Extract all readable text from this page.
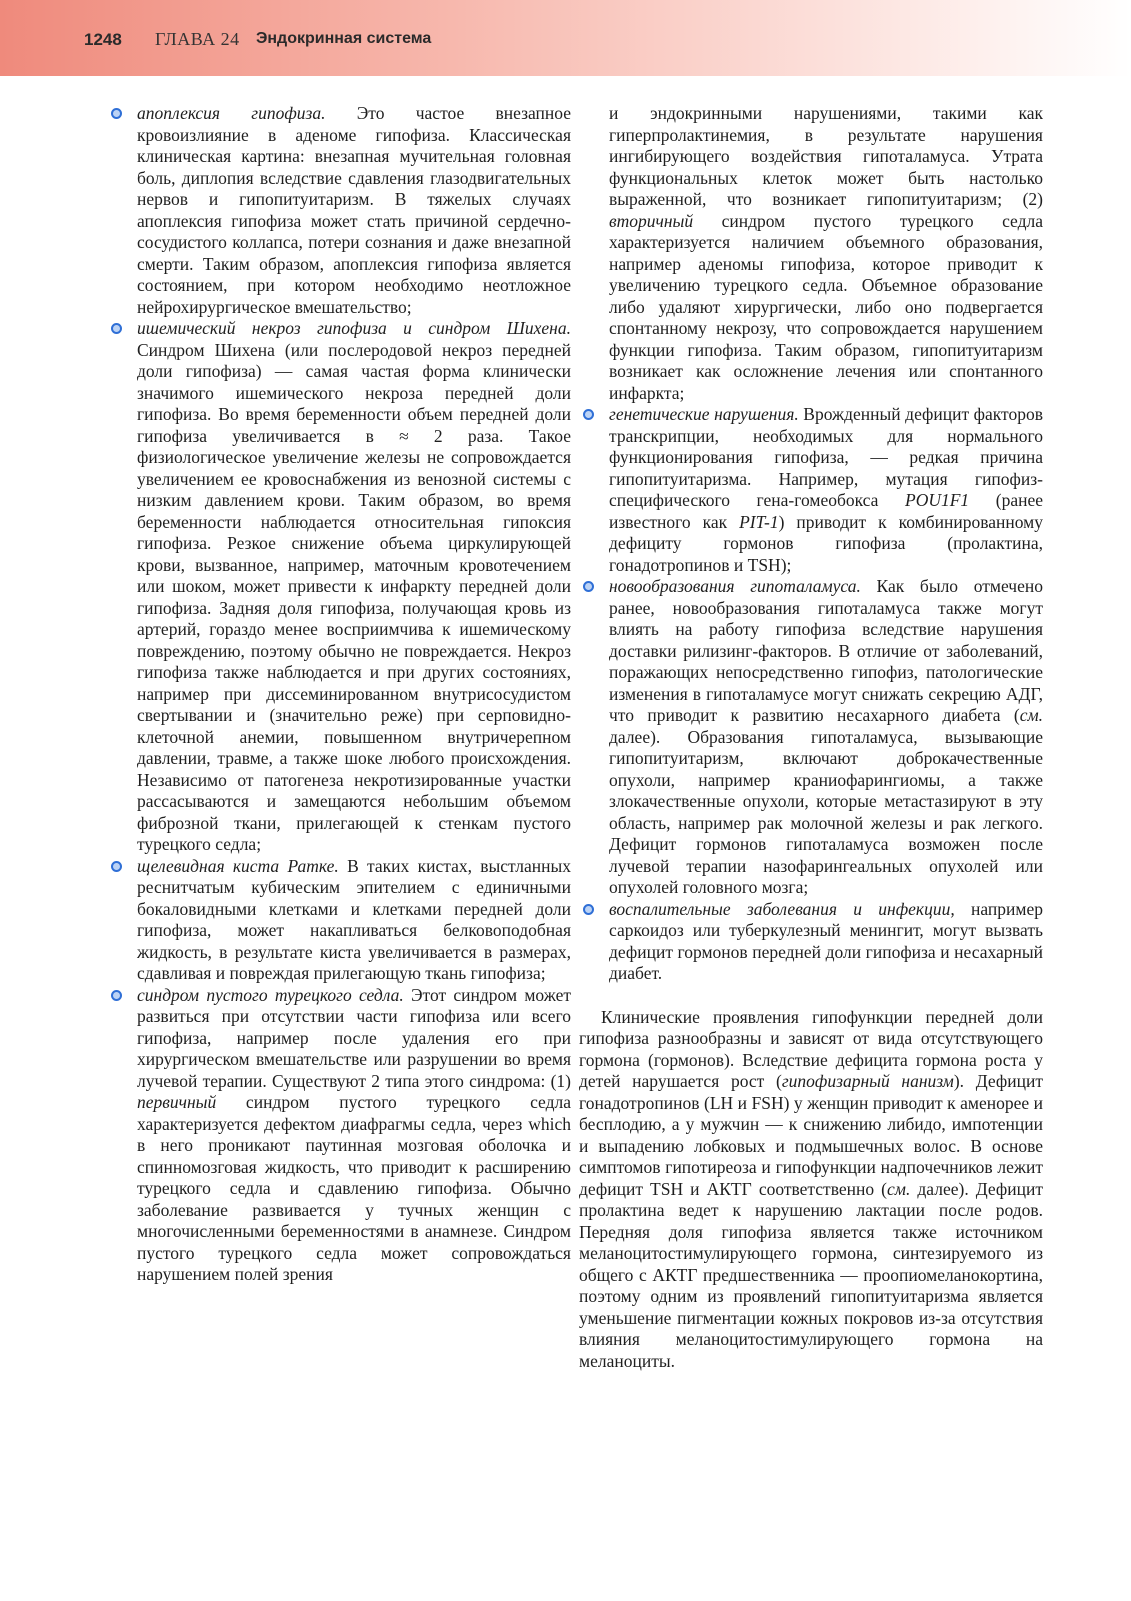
1248 ГЛАВА 24 Эндокринная система

апоплексия гипофиза. Это частое внезапное кровоизлияние в аденоме гипофиза. Классическая клиническая картина: внезапная мучительная головная боль, диплопия вследствие сдавления глазодвигательных нервов и гипопитуитаризм. В тяжелых случаях апоплексия гипофиза может стать причиной сердечно-сосудистого коллапса, потери сознания и даже внезапной смерти. Таким образом, апоплексия гипофиза является состоянием, при котором необходимо неотложное нейрохирургическое вмешательство;

ишемический некроз гипофиза и синдром Шихена. Синдром Шихена (или послеродовой некроз передней доли гипофиза) — самая частая форма клинически значимого ишемического некроза передней доли гипофиза. Во время беременности объем передней доли гипофиза увеличивается в ≈ 2 раза. Такое физиологическое увеличение железы не сопровождается увеличением ее кровоснабжения из венозной системы с низким давлением крови. Таким образом, во время беременности наблюдается относительная гипоксия гипофиза. Резкое снижение объема циркулирующей крови, вызванное, например, маточным кровотечением или шоком, может привести к инфаркту передней доли гипофиза. Задняя доля гипофиза, получающая кровь из артерий, гораздо менее восприимчива к ишемическому повреждению, поэтому обычно не повреждается. Некроз гипофиза также наблюдается и при других состояниях, например при диссеминированном внутрисосудистом свертывании и (значительно реже) при серповидно-клеточной анемии, повышенном внутричерепном давлении, травме, а также шоке любого происхождения. Независимо от патогенеза некротизированные участки рассасываются и замещаются небольшим объемом фиброзной ткани, прилегающей к стенкам пустого турецкого седла;

щелевидная киста Ратке. В таких кистах, выстланных реснитчатым кубическим эпителием с единичными бокаловидными клетками и клетками передней доли гипофиза, может накапливаться белковоподобная жидкость, в результате киста увеличивается в размерах, сдавливая и повреждая прилегающую ткань гипофиза;

синдром пустого турецкого седла. Этот синдром может развиться при отсутствии части гипофиза или всего гипофиза, например после удаления его при хирургическом вмешательстве или разрушении во время лучевой терапии. Существуют 2 типа этого синдрома: (1) первичный синдром пустого турецкого седла характеризуется дефектом диафрагмы седла, через which в него проникают паутинная мозговая оболочка и спинномозговая жидкость, что приводит к расширению турецкого седла и сдавлению гипофиза. Обычно заболевание развивается у тучных женщин с многочисленными беременностями в анамнезе. Синдром пустого турецкого седла может сопровождаться нарушением полей зрения

и эндокринными нарушениями, такими как гиперпролактинемия, в результате нарушения ингибирующего воздействия гипоталамуса. Утрата функциональных клеток может быть настолько выраженной, что возникает гипопитуитаризм; (2) вторичный синдром пустого турецкого седла характеризуется наличием объемного образования, например аденомы гипофиза, которое приводит к увеличению турецкого седла. Объемное образование либо удаляют хирургически, либо оно подвергается спонтанному некрозу, что сопровождается нарушением функции гипофиза. Таким образом, гипопитуитаризм возникает как осложнение лечения или спонтанного инфаркта;

генетические нарушения. Врожденный дефицит факторов транскрипции, необходимых для нормального функционирования гипофиза, — редкая причина гипопитуитаризма. Например, мутация гипофиз-специфического гена-гомеобокса POU1F1 (ранее известного как PIT-1) приводит к комбинированному дефициту гормонов гипофиза (пролактина, гонадотропинов и TSH);

новообразования гипоталамуса. Как было отмечено ранее, новообразования гипоталамуса также могут влиять на работу гипофиза вследствие нарушения доставки рилизинг-факторов. В отличие от заболеваний, поражающих непосредственно гипофиз, патологические изменения в гипоталамусе могут снижать секрецию АДГ, что приводит к развитию несахарного диабета (см. далее). Образования гипоталамуса, вызывающие гипопитуитаризм, включают доброкачественные опухоли, например краниофарингиомы, а также злокачественные опухоли, которые метастазируют в эту область, например рак молочной железы и рак легкого. Дефицит гормонов гипоталамуса возможен после лучевой терапии назофарингеальных опухолей или опухолей головного мозга;

воспалительные заболевания и инфекции, например саркоидоз или туберкулезный менингит, могут вызвать дефицит гормонов передней доли гипофиза и несахарный диабет.

Клинические проявления гипофункции передней доли гипофиза разнообразны и зависят от вида отсутствующего гормона (гормонов). Вследствие дефицита гормона роста у детей нарушается рост (гипофизарный нанизм). Дефицит гонадотропинов (LH и FSH) у женщин приводит к аменорее и бесплодию, а у мужчин — к снижению либидо, импотенции и выпадению лобковых и подмышечных волос. В основе симптомов гипотиреоза и гипофункции надпочечников лежит дефицит TSH и АКТГ соответственно (см. далее). Дефицит пролактина ведет к нарушению лактации после родов. Передняя доля гипофиза является также источником меланоцитостимулирующего гормона, синтезируемого из общего с АКТГ предшественника — проопиомеланокортина, поэтому одним из проявлений гипопитуитаризма является уменьшение пигментации кожных покровов из-за отсутствия влияния меланоцитостимулирующего гормона на меланоциты.
